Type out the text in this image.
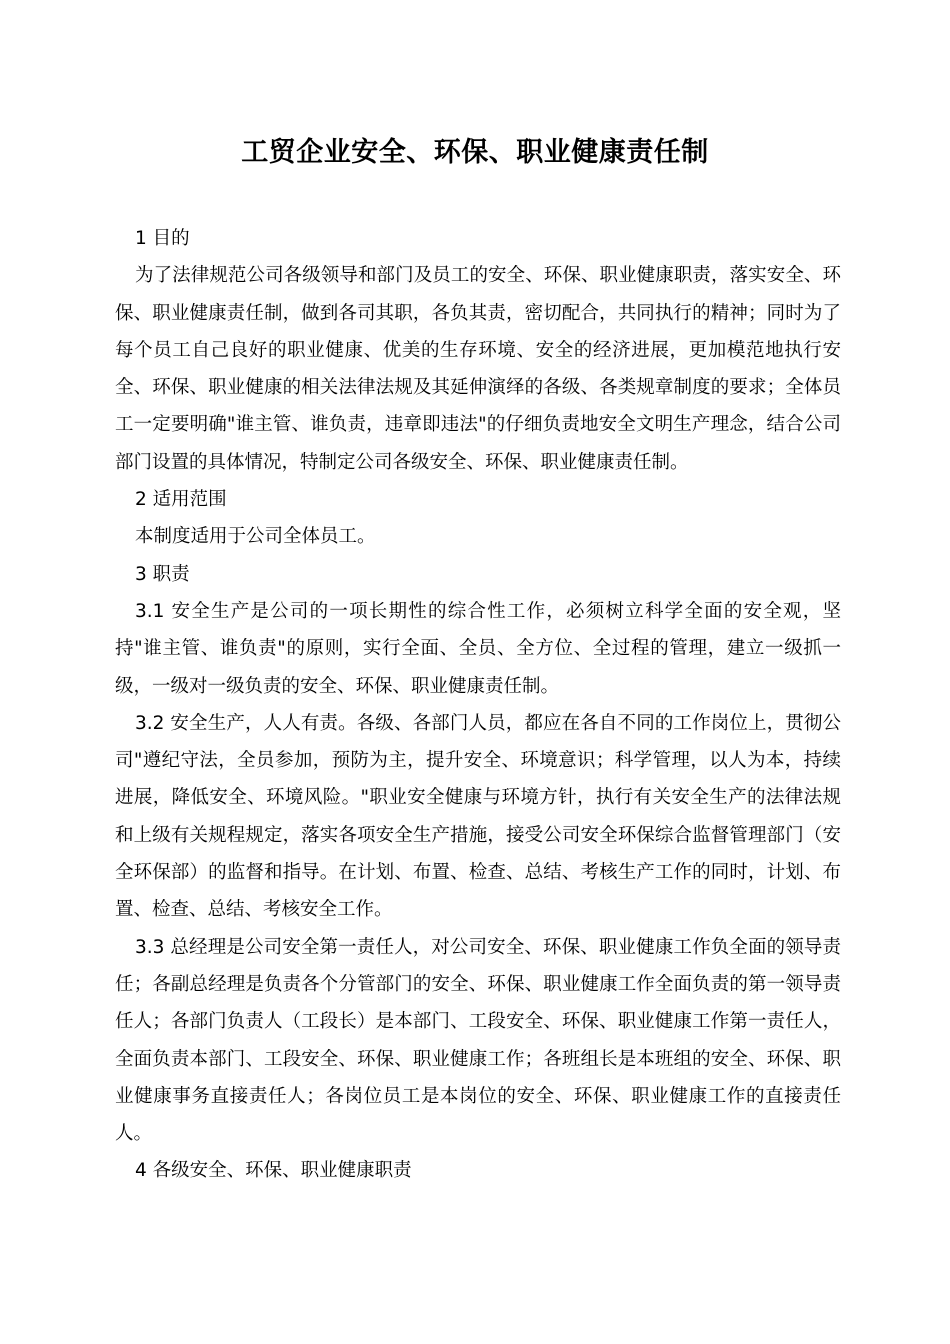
工贸企业安全、环保、职业健康责任制

1 目的

为了法律规范公司各级领导和部门及员工的安全、环保、职业健康职责，落实安全、环保、职业健康责任制，做到各司其职，各负其责，密切配合，共同执行的精神；同时为了每个员工自己良好的职业健康、优美的生存环境、安全的经济进展，更加模范地执行安全、环保、职业健康的相关法律法规及其延伸演绎的各级、各类规章制度的要求；全体员工一定要明确"谁主管、谁负责，违章即违法"的仔细负责地安全文明生产理念，结合公司部门设置的具体情况，特制定公司各级安全、环保、职业健康责任制。

2 适用范围

本制度适用于公司全体员工。

3 职责

3.1 安全生产是公司的一项长期性的综合性工作，必须树立科学全面的安全观，坚持"谁主管、谁负责"的原则，实行全面、全员、全方位、全过程的管理，建立一级抓一级，一级对一级负责的安全、环保、职业健康责任制。

3.2 安全生产，人人有责。各级、各部门人员，都应在各自不同的工作岗位上，贯彻公司"遵纪守法，全员参加，预防为主，提升安全、环境意识；科学管理，以人为本，持续进展，降低安全、环境风险。"职业安全健康与环境方针，执行有关安全生产的法律法规和上级有关规程规定，落实各项安全生产措施，接受公司安全环保综合监督管理部门（安全环保部）的监督和指导。在计划、布置、检查、总结、考核生产工作的同时，计划、布置、检查、总结、考核安全工作。

3.3 总经理是公司安全第一责任人，对公司安全、环保、职业健康工作负全面的领导责任；各副总经理是负责各个分管部门的安全、环保、职业健康工作全面负责的第一领导责任人；各部门负责人（工段长）是本部门、工段安全、环保、职业健康工作第一责任人，全面负责本部门、工段安全、环保、职业健康工作；各班组长是本班组的安全、环保、职业健康事务直接责任人；各岗位员工是本岗位的安全、环保、职业健康工作的直接责任人。

4 各级安全、环保、职业健康职责
